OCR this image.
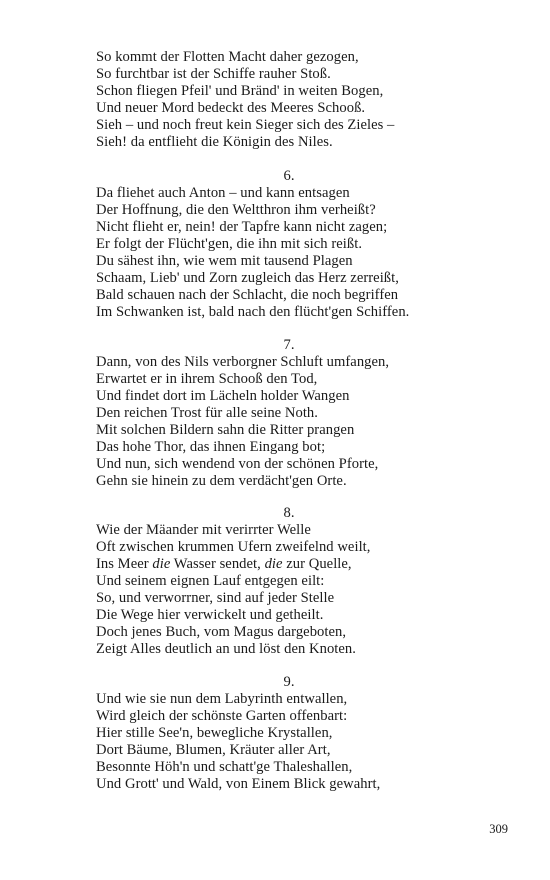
So kommt der Flotten Macht daher gezogen,
So furchtbar ist der Schiffe rauher Stoß.
Schon fliegen Pfeil' und Bränd' in weiten Bogen,
Und neuer Mord bedeckt des Meeres Schooß.
Sieh – und noch freut kein Sieger sich des Zieles –
Sieh! da entflieht die Königin des Niles.
6.
Da fliehet auch Anton – und kann entsagen
Der Hoffnung, die den Weltthron ihm verheißt?
Nicht flieht er, nein! der Tapfre kann nicht zagen;
Er folgt der Flücht'gen, die ihn mit sich reißt.
Du sähest ihn, wie wem mit tausend Plagen
Schaam, Lieb' und Zorn zugleich das Herz zerreißt,
Bald schauen nach der Schlacht, die noch begriffen
Im Schwanken ist, bald nach den flücht'gen Schiffen.
7.
Dann, von des Nils verborgner Schluft umfangen,
Erwartet er in ihrem Schooß den Tod,
Und findet dort im Lächeln holder Wangen
Den reichen Trost für alle seine Noth.
Mit solchen Bildern sahn die Ritter prangen
Das hohe Thor, das ihnen Eingang bot;
Und nun, sich wendend von der schönen Pforte,
Gehn sie hinein zu dem verdächt'gen Orte.
8.
Wie der Mäander mit verirrter Welle
Oft zwischen krummen Ufern zweifelnd weilt,
Ins Meer die Wasser sendet, die zur Quelle,
Und seinem eignen Lauf entgegen eilt:
So, und verworrner, sind auf jeder Stelle
Die Wege hier verwickelt und getheilt.
Doch jenes Buch, vom Magus dargeboten,
Zeigt Alles deutlich an und löst den Knoten.
9.
Und wie sie nun dem Labyrinth entwallen,
Wird gleich der schönste Garten offenbart:
Hier stille See'n, bewegliche Krystallen,
Dort Bäume, Blumen, Kräuter aller Art,
Besonnte Höh'n und schatt'ge Thaleshallen,
Und Grott' und Wald, von Einem Blick gewahrt,
309
